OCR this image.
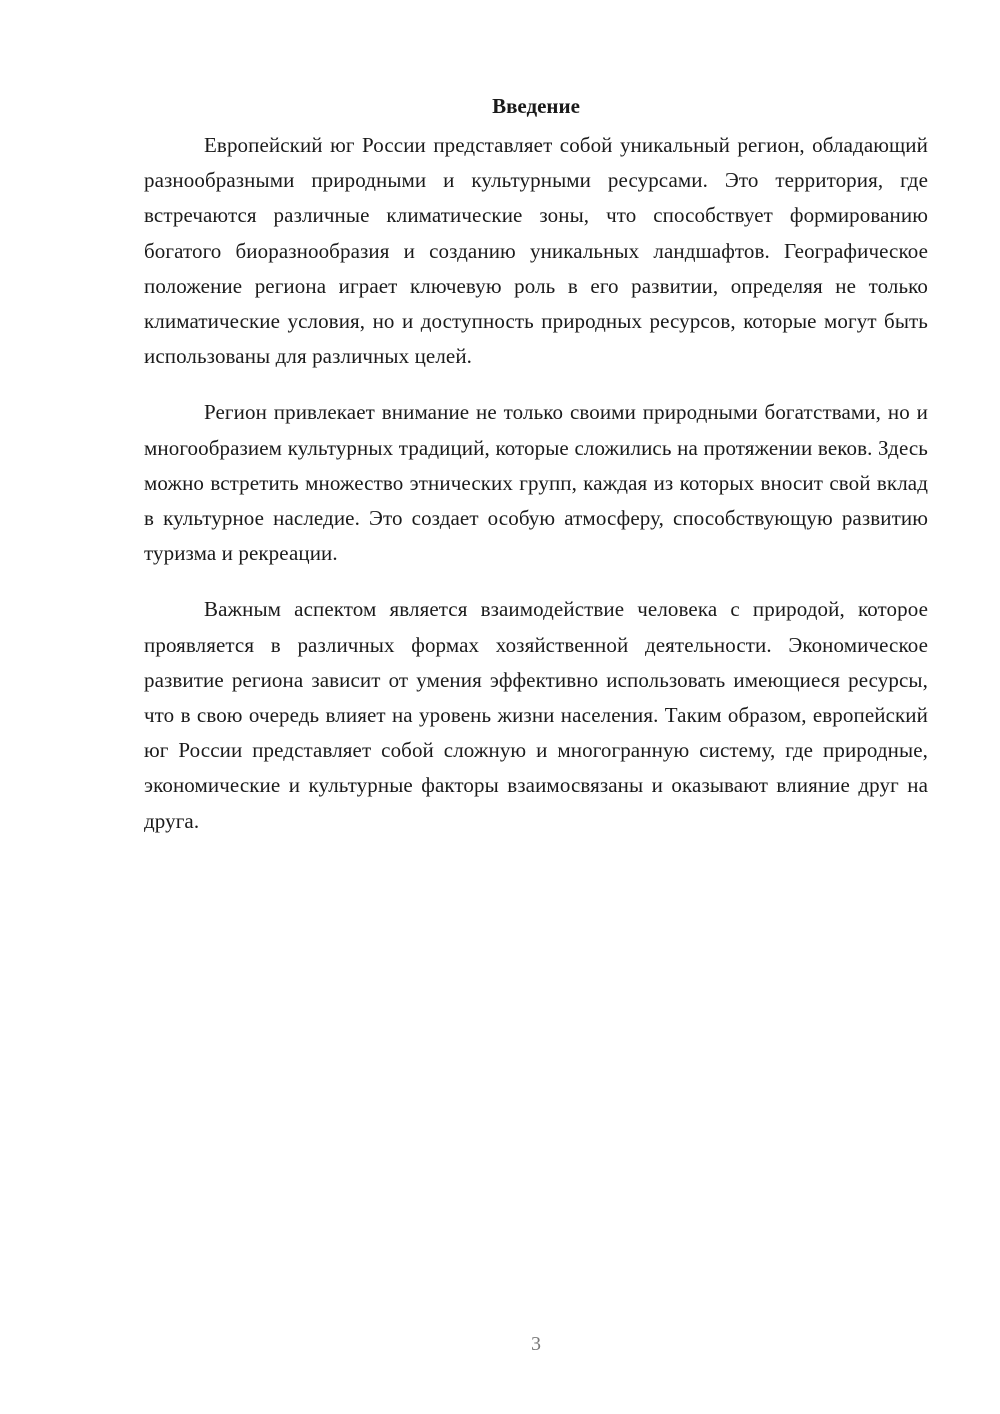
Введение

Европейский юг России представляет собой уникальный регион, обладающий разнообразными природными и культурными ресурсами. Это территория, где встречаются различные климатические зоны, что способствует формированию богатого биоразнообразия и созданию уникальных ландшафтов. Географическое положение региона играет ключевую роль в его развитии, определяя не только климатические условия, но и доступность природных ресурсов, которые могут быть использованы для различных целей.

Регион привлекает внимание не только своими природными богатствами, но и многообразием культурных традиций, которые сложились на протяжении веков. Здесь можно встретить множество этнических групп, каждая из которых вносит свой вклад в культурное наследие. Это создает особую атмосферу, способствующую развитию туризма и рекреации.

Важным аспектом является взаимодействие человека с природой, которое проявляется в различных формах хозяйственной деятельности. Экономическое развитие региона зависит от умения эффективно использовать имеющиеся ресурсы, что в свою очередь влияет на уровень жизни населения. Таким образом, европейский юг России представляет собой сложную и многогранную систему, где природные, экономические и культурные факторы взаимосвязаны и оказывают влияние друг на друга.

3
